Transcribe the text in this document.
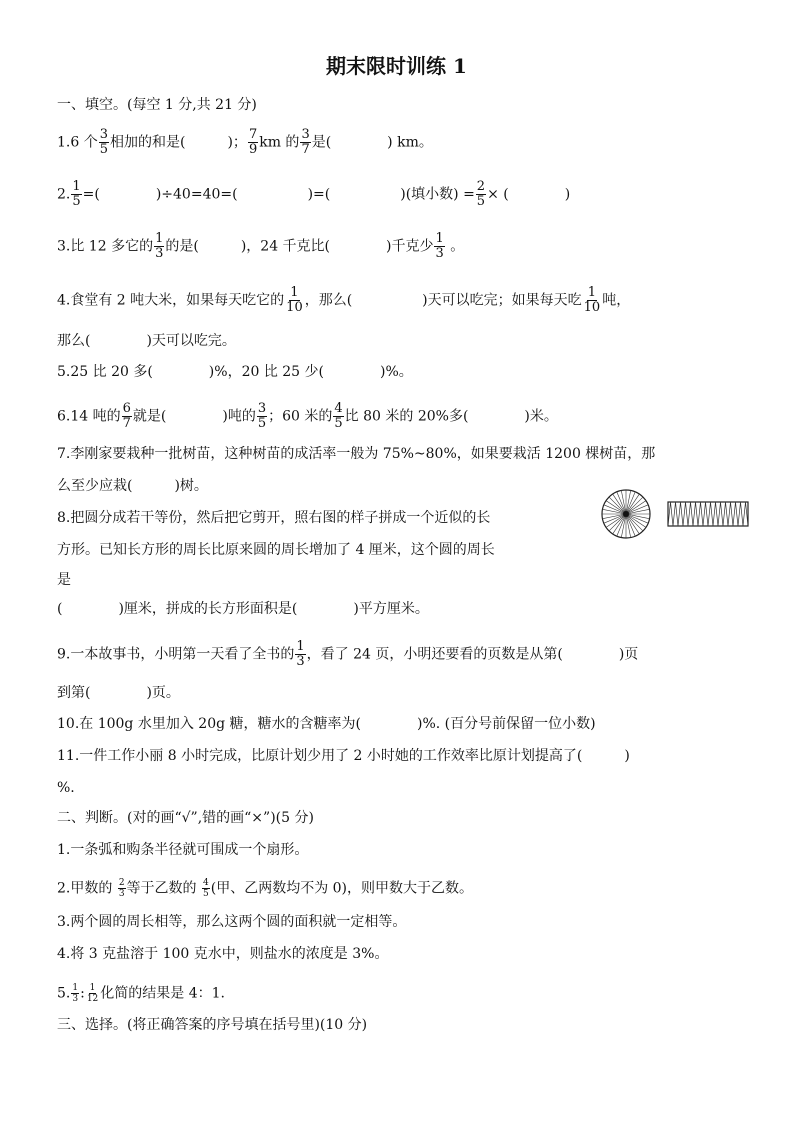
期末限时训练 1
一、填空。(每空 1 分,共 21 分)
1.6 个 $\frac{3}{5}$ 相加的和是(　　　)； $\frac{7}{9}$ km 的 $\frac{3}{7}$ 是(　　　　) km。
2. $\frac{1}{5}$ =(　　　　)÷40=40=(　　　　　)=(　　　　　)(填小数) = $\frac{2}{5}$ × (　　　　)
3.比 12 多它的 $\frac{1}{3}$ 的是(　　　)，24 千克比(　　　　)千克少 $\frac{1}{3}$ 。
4.食堂有 2 吨大米，如果每天吃它的 $\frac{1}{10}$ ，那么(　　　　　)天可以吃完；如果每天吃 $\frac{1}{10}$ 吨，
那么(　　　　)天可以吃完。
5.25 比 20 多(　　　　)%，20 比 25 少(　　　　)%。
6.14 吨的 $\frac{6}{7}$ 就是(　　　　)吨的 $\frac{3}{5}$ ；60 米的 $\frac{4}{5}$ 比 80 米的 20%多(　　　　)米。
7.李刚家要栽种一批树苗，这种树苗的成活率一般为 75%~80%，如果要栽活 1200 棵树苗，那
么至少应栽(　　　)树。
8.把圆分成若干等份，然后把它剪开，照右图的样子拼成一个近似的长
方形。已知长方形的周长比原来圆的周长增加了 4 厘米，这个圆的周长
是
(　　　　)厘米，拼成的长方形面积是(　　　　)平方厘米。
9.一本故事书，小明第一天看了全书的 $\frac{1}{3}$ ，看了 24 页，小明还要看的页数是从第(　　　　)页
到第(　　　　)页。
10.在 100g 水里加入 20g 糖，糖水的含糖率为(　　　　)%. (百分号前保留一位小数)
11.一件工作小丽 8 小时完成，比原计划少用了 2 小时她的工作效率比原计划提高了(　　　)
%.
二、判断。(对的画“√”,错的画“×”)(5 分)
1.一条弧和购条半径就可围成一个扇形。
2.甲数的 $\frac{2}{3}$ 等于乙数的 $\frac{4}{5}$ (甲、乙两数均不为 0)，则甲数大于乙数。
3.两个圆的周长相等，那么这两个圆的面积就一定相等。
4.将 3 克盐溶于 100 克水中，则盐水的浓度是 3%。
5. $\frac{1}{3}$ : $\frac{1}{12}$ 化简的结果是 4：1.
三、选择。(将正确答案的序号填在括号里)(10 分)
